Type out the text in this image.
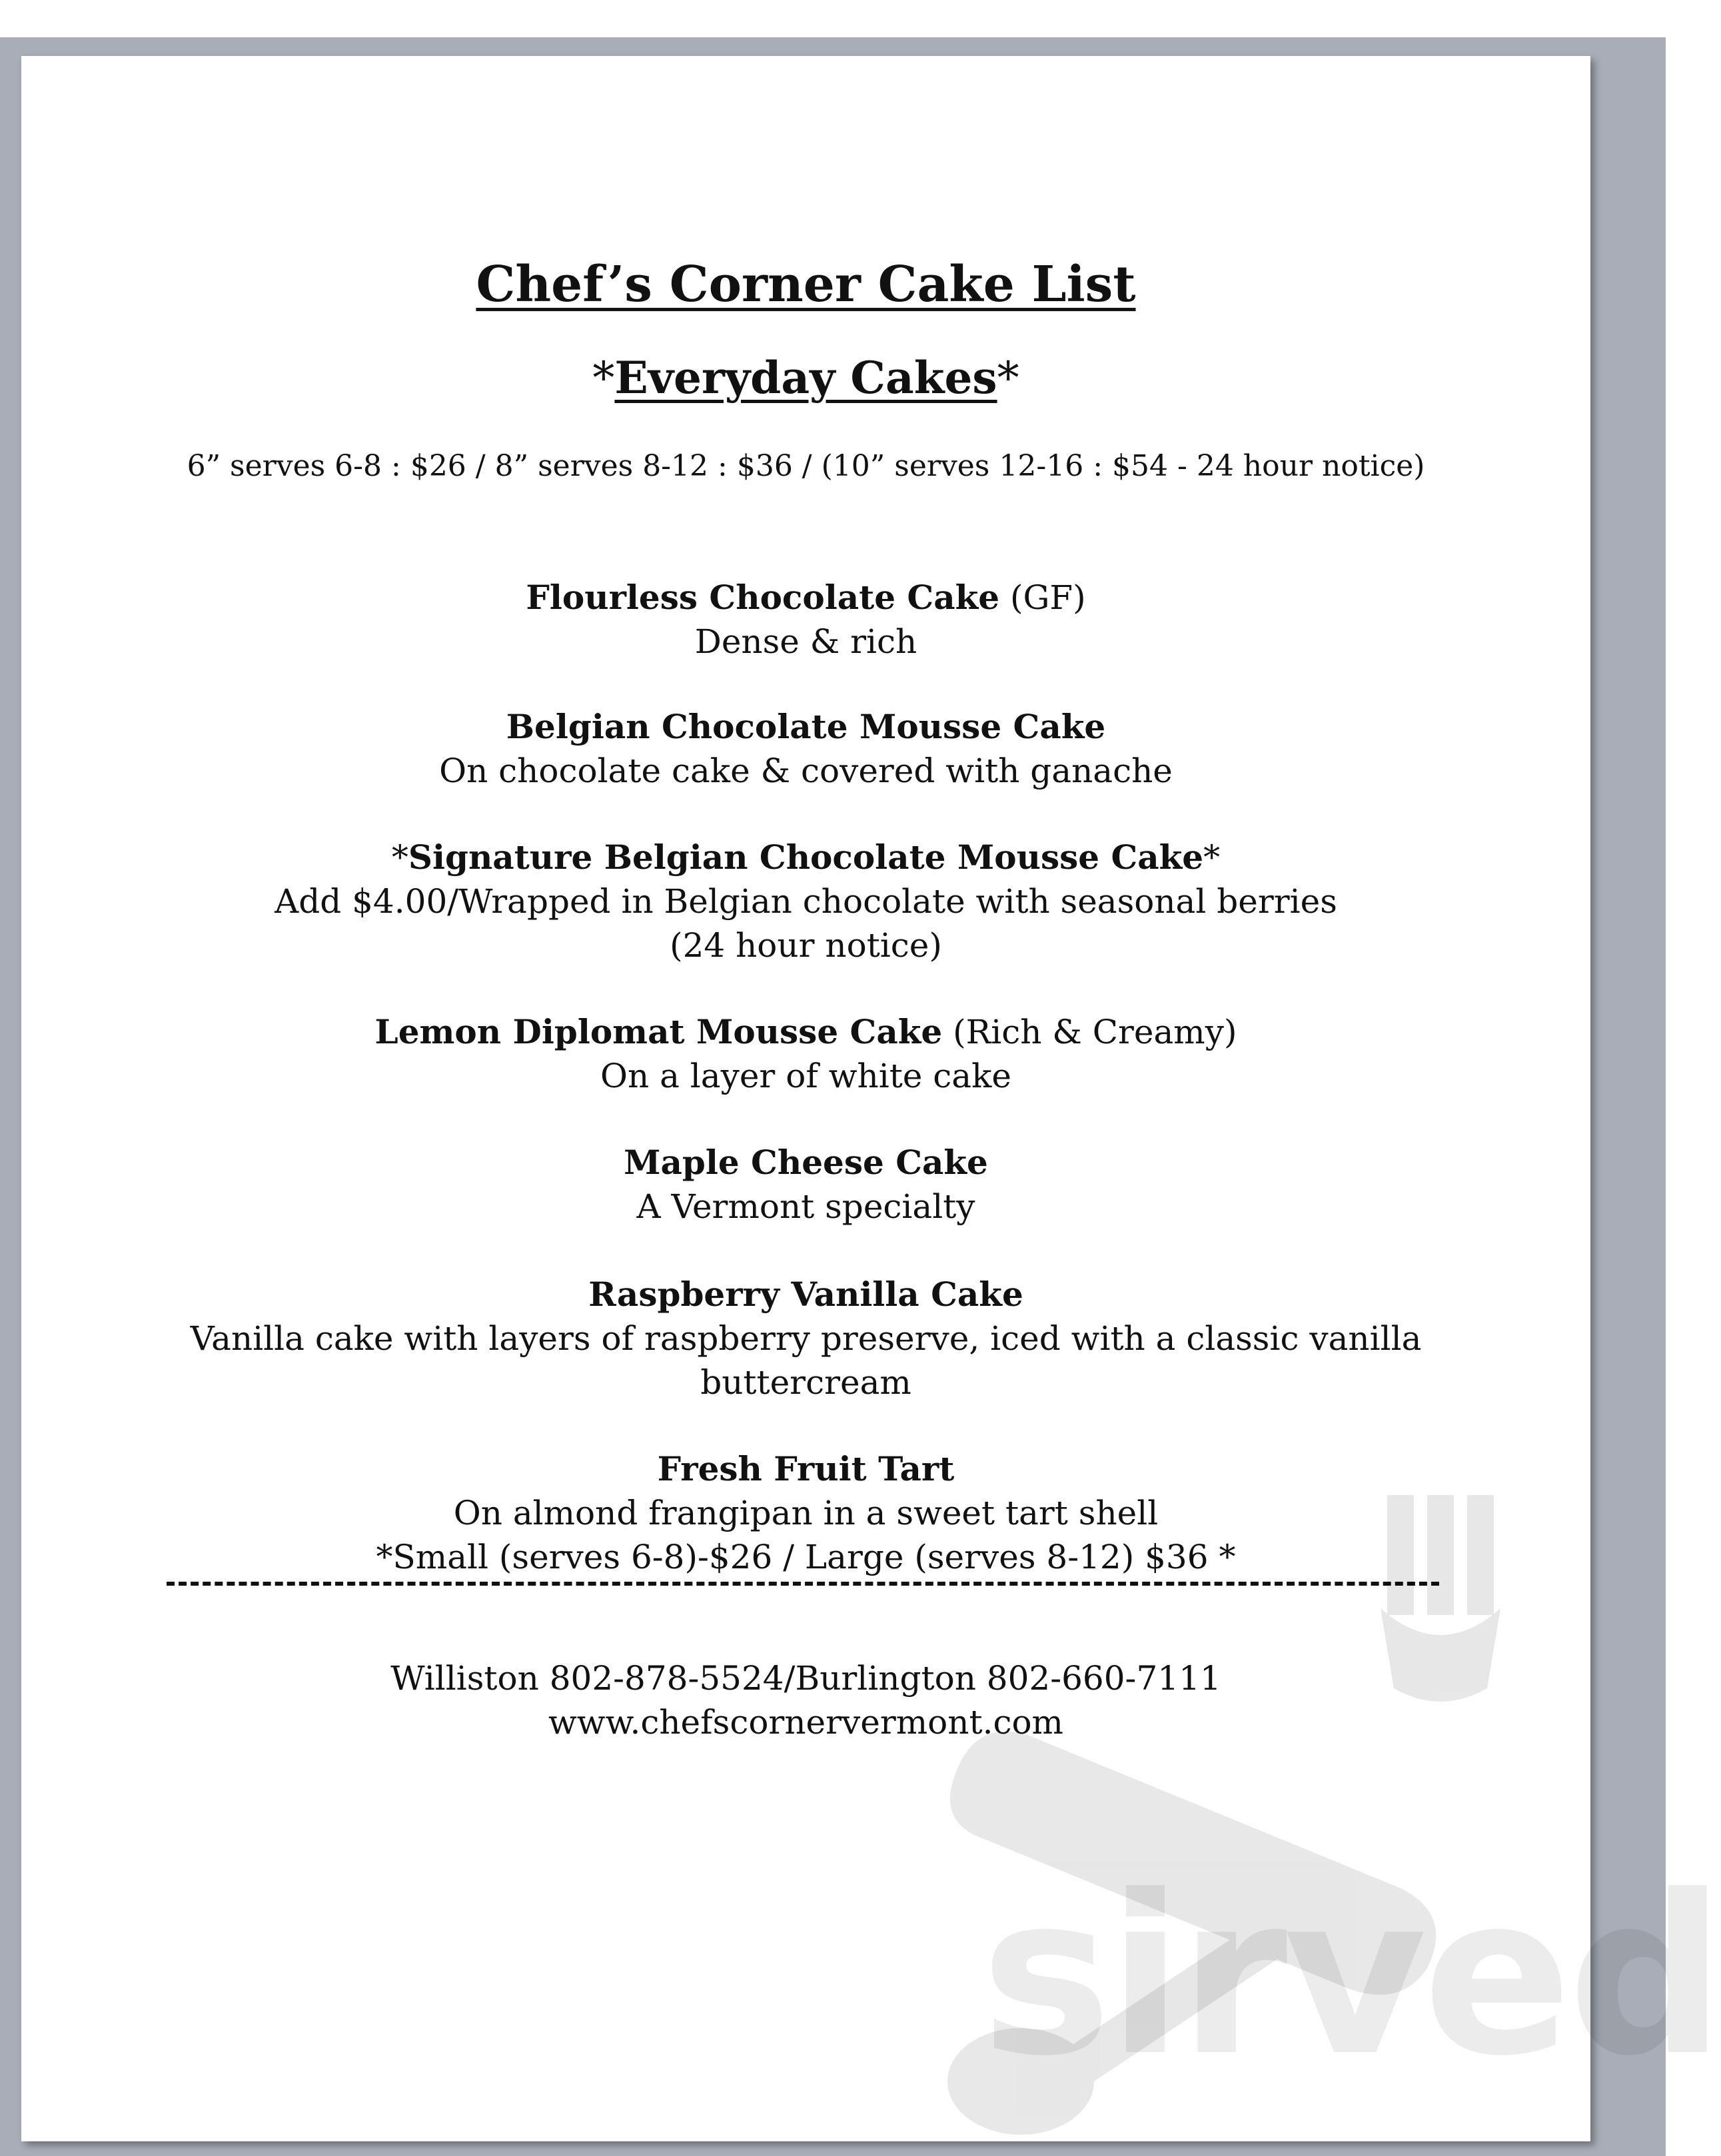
Chef’s Corner Cake List
*Everyday Cakes*
6” serves 6-8 : $26 / 8” serves 8-12 : $36 / (10” serves 12-16 : $54 - 24 hour notice)
Flourless Chocolate Cake (GF)
Dense & rich
Belgian Chocolate Mousse Cake
On chocolate cake & covered with ganache
*Signature Belgian Chocolate Mousse Cake*
Add $4.00/Wrapped in Belgian chocolate with seasonal berries
(24 hour notice)
Lemon Diplomat Mousse Cake (Rich & Creamy)
On a layer of white cake
Maple Cheese Cake
A Vermont specialty
Raspberry Vanilla Cake
Vanilla cake with layers of raspberry preserve, iced with a classic vanilla
buttercream
Fresh Fruit Tart
On almond frangipan in a sweet tart shell
*Small (serves 6-8)-$26 / Large (serves 8-12) $36 *
Williston 802-878-5524/Burlington 802-660-7111
www.chefscornervermont.com
sirved
